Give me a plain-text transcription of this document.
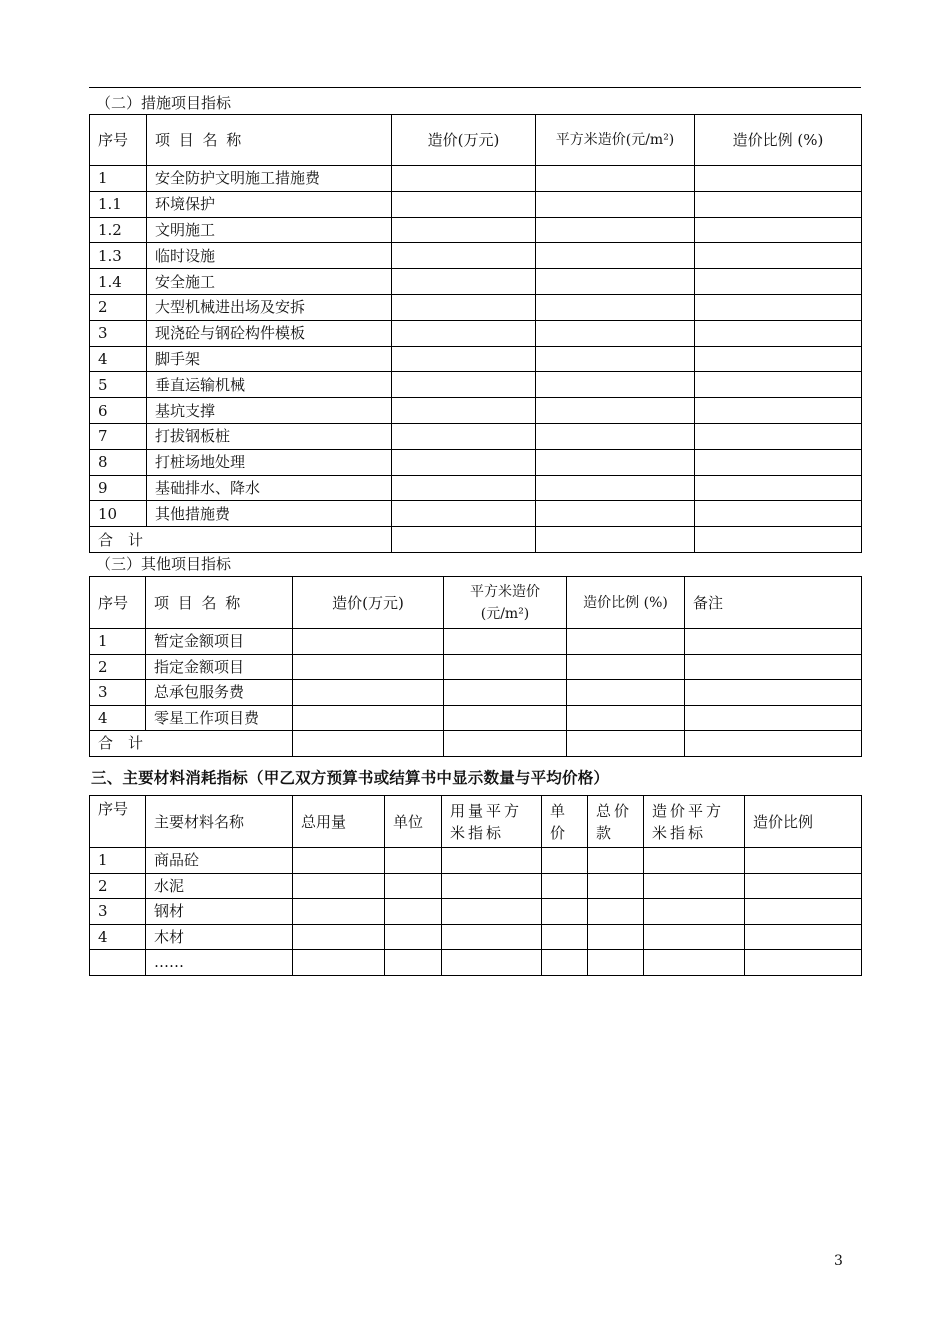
（二）措施项目指标
序号	项 目 名 称	造价(万元)	平方米造价(元/m²)	造价比例 (%)
1	安全防护文明施工措施费			
1.1	环境保护			
1.2	文明施工			
1.3	临时设施			
1.4	安全施工			
2	大型机械进出场及安拆			
3	现浇砼与钢砼构件模板			
4	脚手架			
5	垂直运输机械			
6	基坑支撑			
7	打拔钢板桩			
8	打桩场地处理			
9	基础排水、降水			
10	其他措施费			
合　计				
（三）其他项目指标
序号	项 目 名 称	造价(万元)	平方米造价(元/m²)	造价比例 (%)	备注
1	暂定金额项目				
2	指定金额项目				
3	总承包服务费				
4	零星工作项目费				
合　计					
三、主要材料消耗指标（甲乙双方预算书或结算书中显示数量与平均价格）
序号	主要材料名称	总用量	单位	用量平方米指标	单价	总价款	造价平方米指标	造价比例
1	商品砼							
2	水泥							
3	钢材							
4	木材							
	……							
3
